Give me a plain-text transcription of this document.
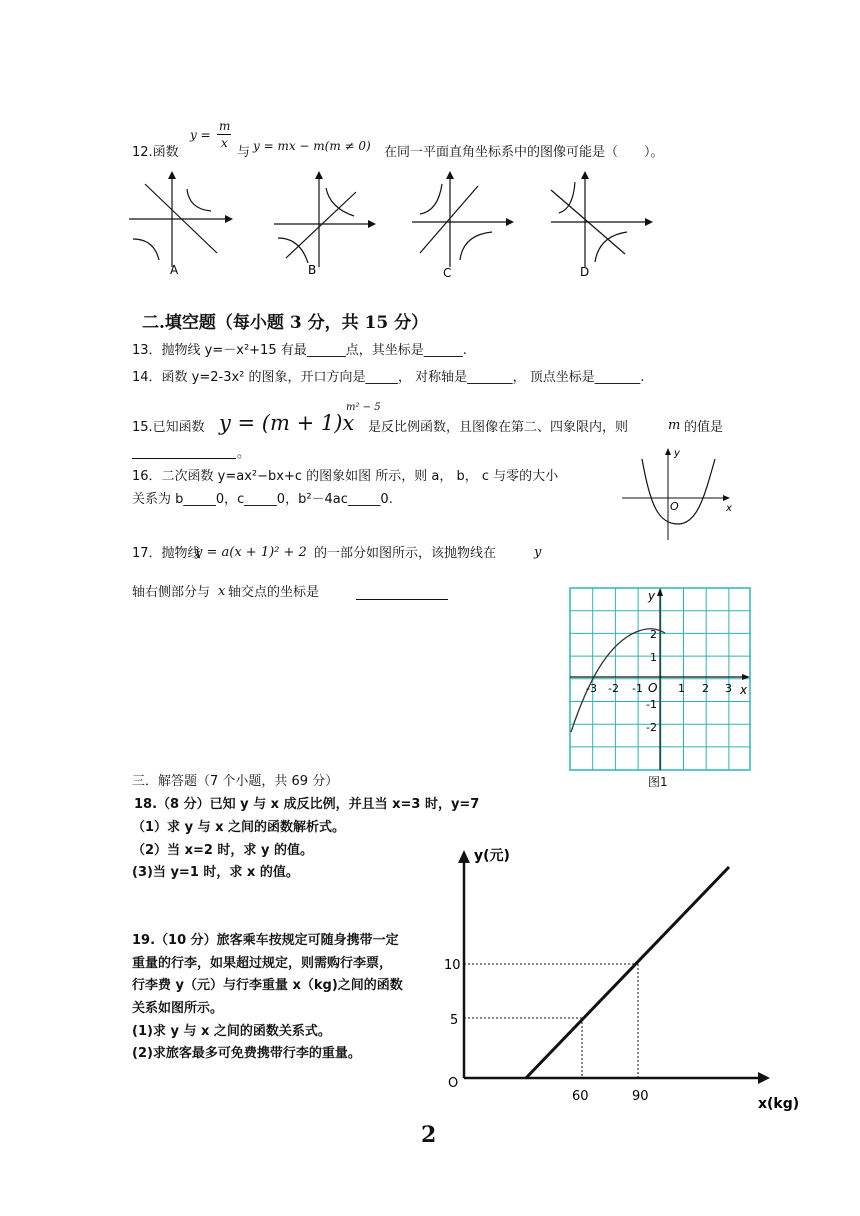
12.函数
y =
m
x
与 y = mx − m(m ≠ 0) 在同一平面直角坐标系中的图像可能是（　　）。
A	B	C	D
二.填空题（每小题 3 分，共 15 分）
13．抛物线 y=－x²+15 有最______点，其坐标是______.
14．函数 y=2-3x² 的图象，开口方向是_____， 对称轴是_______， 顶点坐标是_______.
15.已知函数 y = (m + 1)x
m² − 5
是反比例函数，且图像在第二、四象限内，则	m 的值是
。
16．二次函数 y=ax²−bx+c 的图象如图 所示，则 a， b， c 与零的大小
关系为 b_____0，c_____0，b²－4ac_____0.
y
x
O
17．抛物线
y = a(x + 1)² + 2 的一部分如图所示，该抛物线在	y
轴右侧部分与 x 轴交点的坐标是	y
x
O
-3 -2 -1	1 2 3
2
1
-1
-2
图1
三．解答题（7 个小题，共 69 分）
18.（8 分）已知 y 与 x 成反比例，并且当 x=3 时，y=7
（1）求 y 与 x 之间的函数解析式。
（2）当 x=2 时，求 y 的值。
(3)当 y=1 时，求 x 的值。
19.（10 分）旅客乘车按规定可随身携带一定
重量的行李，如果超过规定，则需购行李票，
行李费 y（元）与行李重量 x（kg)之间的函数
关系如图所示。
(1)求 y 与 x 之间的函数关系式。
(2)求旅客最多可免费携带行李的重量。
y(元)
x(kg)
O
10
5
60	90
2
